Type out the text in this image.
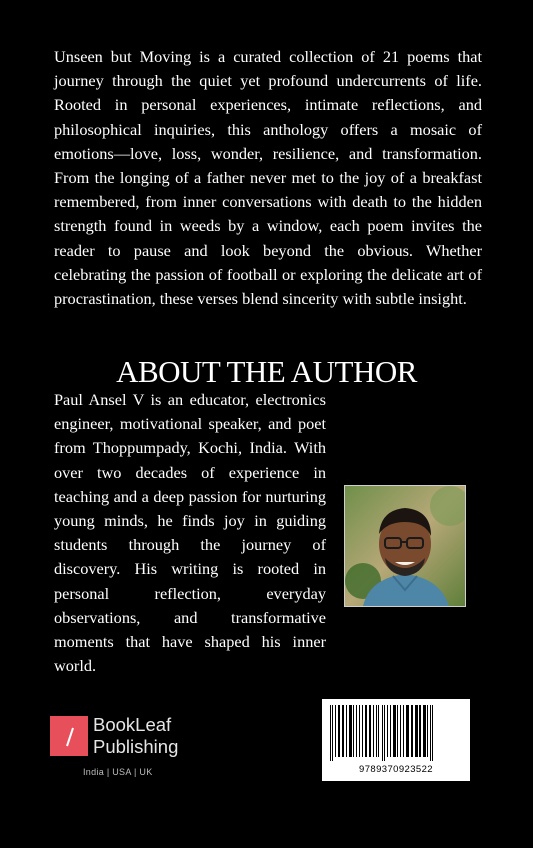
Unseen but Moving is a curated collection of 21 poems that journey through the quiet yet profound undercurrents of life. Rooted in personal experiences, intimate reflections, and philosophical inquiries, this anthology offers a mosaic of emotions—love, loss, wonder, resilience, and transformation. From the longing of a father never met to the joy of a breakfast remembered, from inner conversations with death to the hidden strength found in weeds by a window, each poem invites the reader to pause and look beyond the obvious. Whether celebrating the passion of football or exploring the delicate art of procrastination, these verses blend sincerity with subtle insight.

ABOUT THE AUTHOR

Paul Ansel V is an educator, electronics engineer, motivational speaker, and poet from Thoppumpady, Kochi, India. With over two decades of experience in teaching and a deep passion for nurturing young minds, he finds joy in guiding students through the journey of discovery. His writing is rooted in personal reflection, everyday observations, and transformative moments that have shaped his inner world.

BookLeaf
Publishing
India | USA | UK	9789370923522
